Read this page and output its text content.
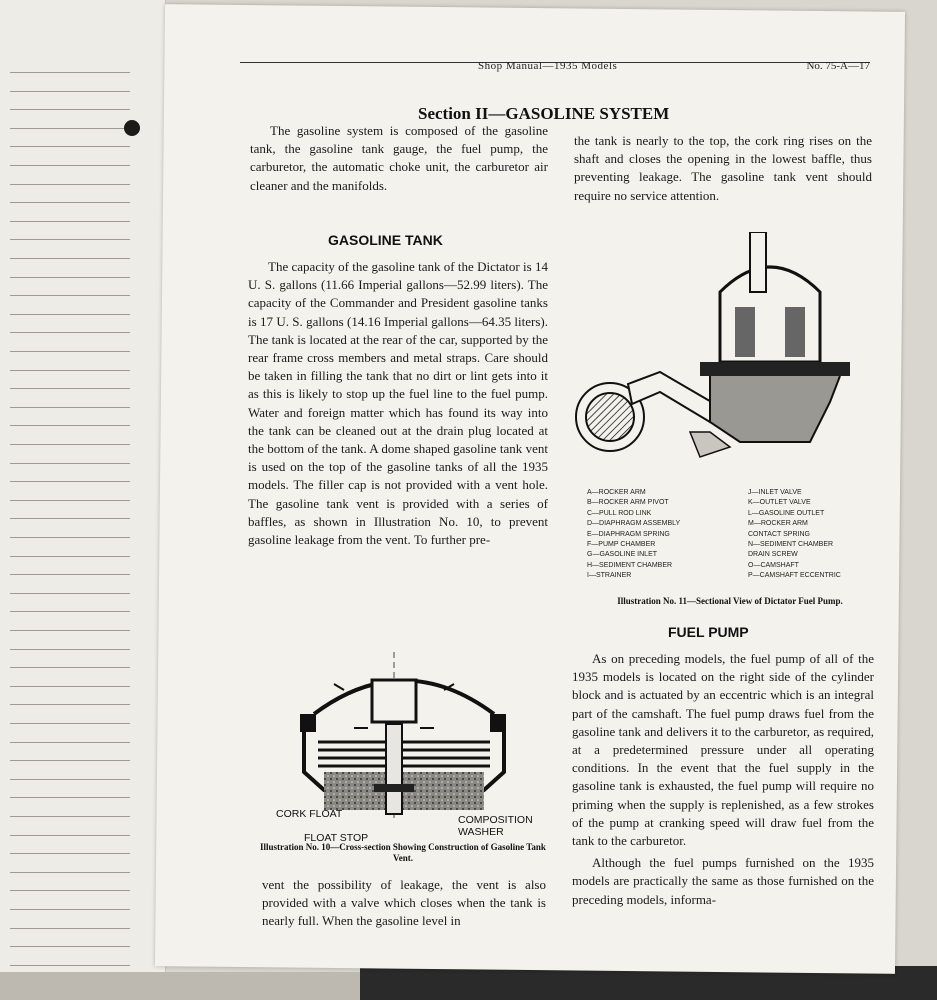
Shop Manual—1935 Models	No. 75-A—17
Section II—GASOLINE SYSTEM

The gasoline system is composed of the gasoline tank, the gasoline tank gauge, the fuel pump, the carburetor, the automatic choke unit, the carburetor air cleaner and the manifolds.

GASOLINE TANK

The capacity of the gasoline tank of the Dictator is 14 U. S. gallons (11.66 Imperial gallons—52.99 liters). The capacity of the Commander and President gasoline tanks is 17 U. S. gallons (14.16 Imperial gallons—64.35 liters). The tank is located at the rear of the car, supported by the rear frame cross members and metal straps. Care should be taken in filling the tank that no dirt or lint gets into it as this is likely to stop up the fuel line to the fuel pump. Water and foreign matter which has found its way into the tank can be cleaned out at the drain plug located at the bottom of the tank. A dome shaped gasoline tank vent is used on the top of the gasoline tanks of all the 1935 models. The filler cap is not provided with a vent hole. The gasoline tank vent is provided with a series of baffles, as shown in Illustration No. 10, to prevent gasoline leakage from the vent. To further pre-

CORK FLOAT
FLOAT STOP
COMPOSITION
WASHER
Illustration No. 10—Cross-section Showing Construction of Gasoline Tank Vent.

vent the possibility of leakage, the vent is also provided with a valve which closes when the tank is nearly full. When the gasoline level in

the tank is nearly to the top, the cork ring rises on the shaft and closes the opening in the lowest baffle, thus preventing leakage. The gasoline tank vent should require no service attention.

A—ROCKER ARM
B—ROCKER ARM PIVOT
C—PULL ROD LINK
D—DIAPHRAGM ASSEMBLY
E—DIAPHRAGM SPRING
F—PUMP CHAMBER
G—GASOLINE INLET
H—SEDIMENT CHAMBER
I—STRAINER
J—INLET VALVE
K—OUTLET VALVE
L—GASOLINE OUTLET
M—ROCKER ARM
CONTACT SPRING
N—SEDIMENT CHAMBER
DRAIN SCREW
O—CAMSHAFT
P—CAMSHAFT ECCENTRIC
Illustration No. 11—Sectional View of Dictator Fuel Pump.
FUEL PUMP

As on preceding models, the fuel pump of all of the 1935 models is located on the right side of the cylinder block and is actuated by an eccentric which is an integral part of the camshaft. The fuel pump draws fuel from the gasoline tank and delivers it to the carburetor, as required, at a predetermined pressure under all operating conditions. In the event that the fuel supply in the gasoline tank is exhausted, the fuel pump will require no priming when the supply is replenished, as a few strokes of the pump at cranking speed will draw fuel from the tank to the carburetor.

Although the fuel pumps furnished on the 1935 models are practically the same as those furnished on the preceding models, informa-
